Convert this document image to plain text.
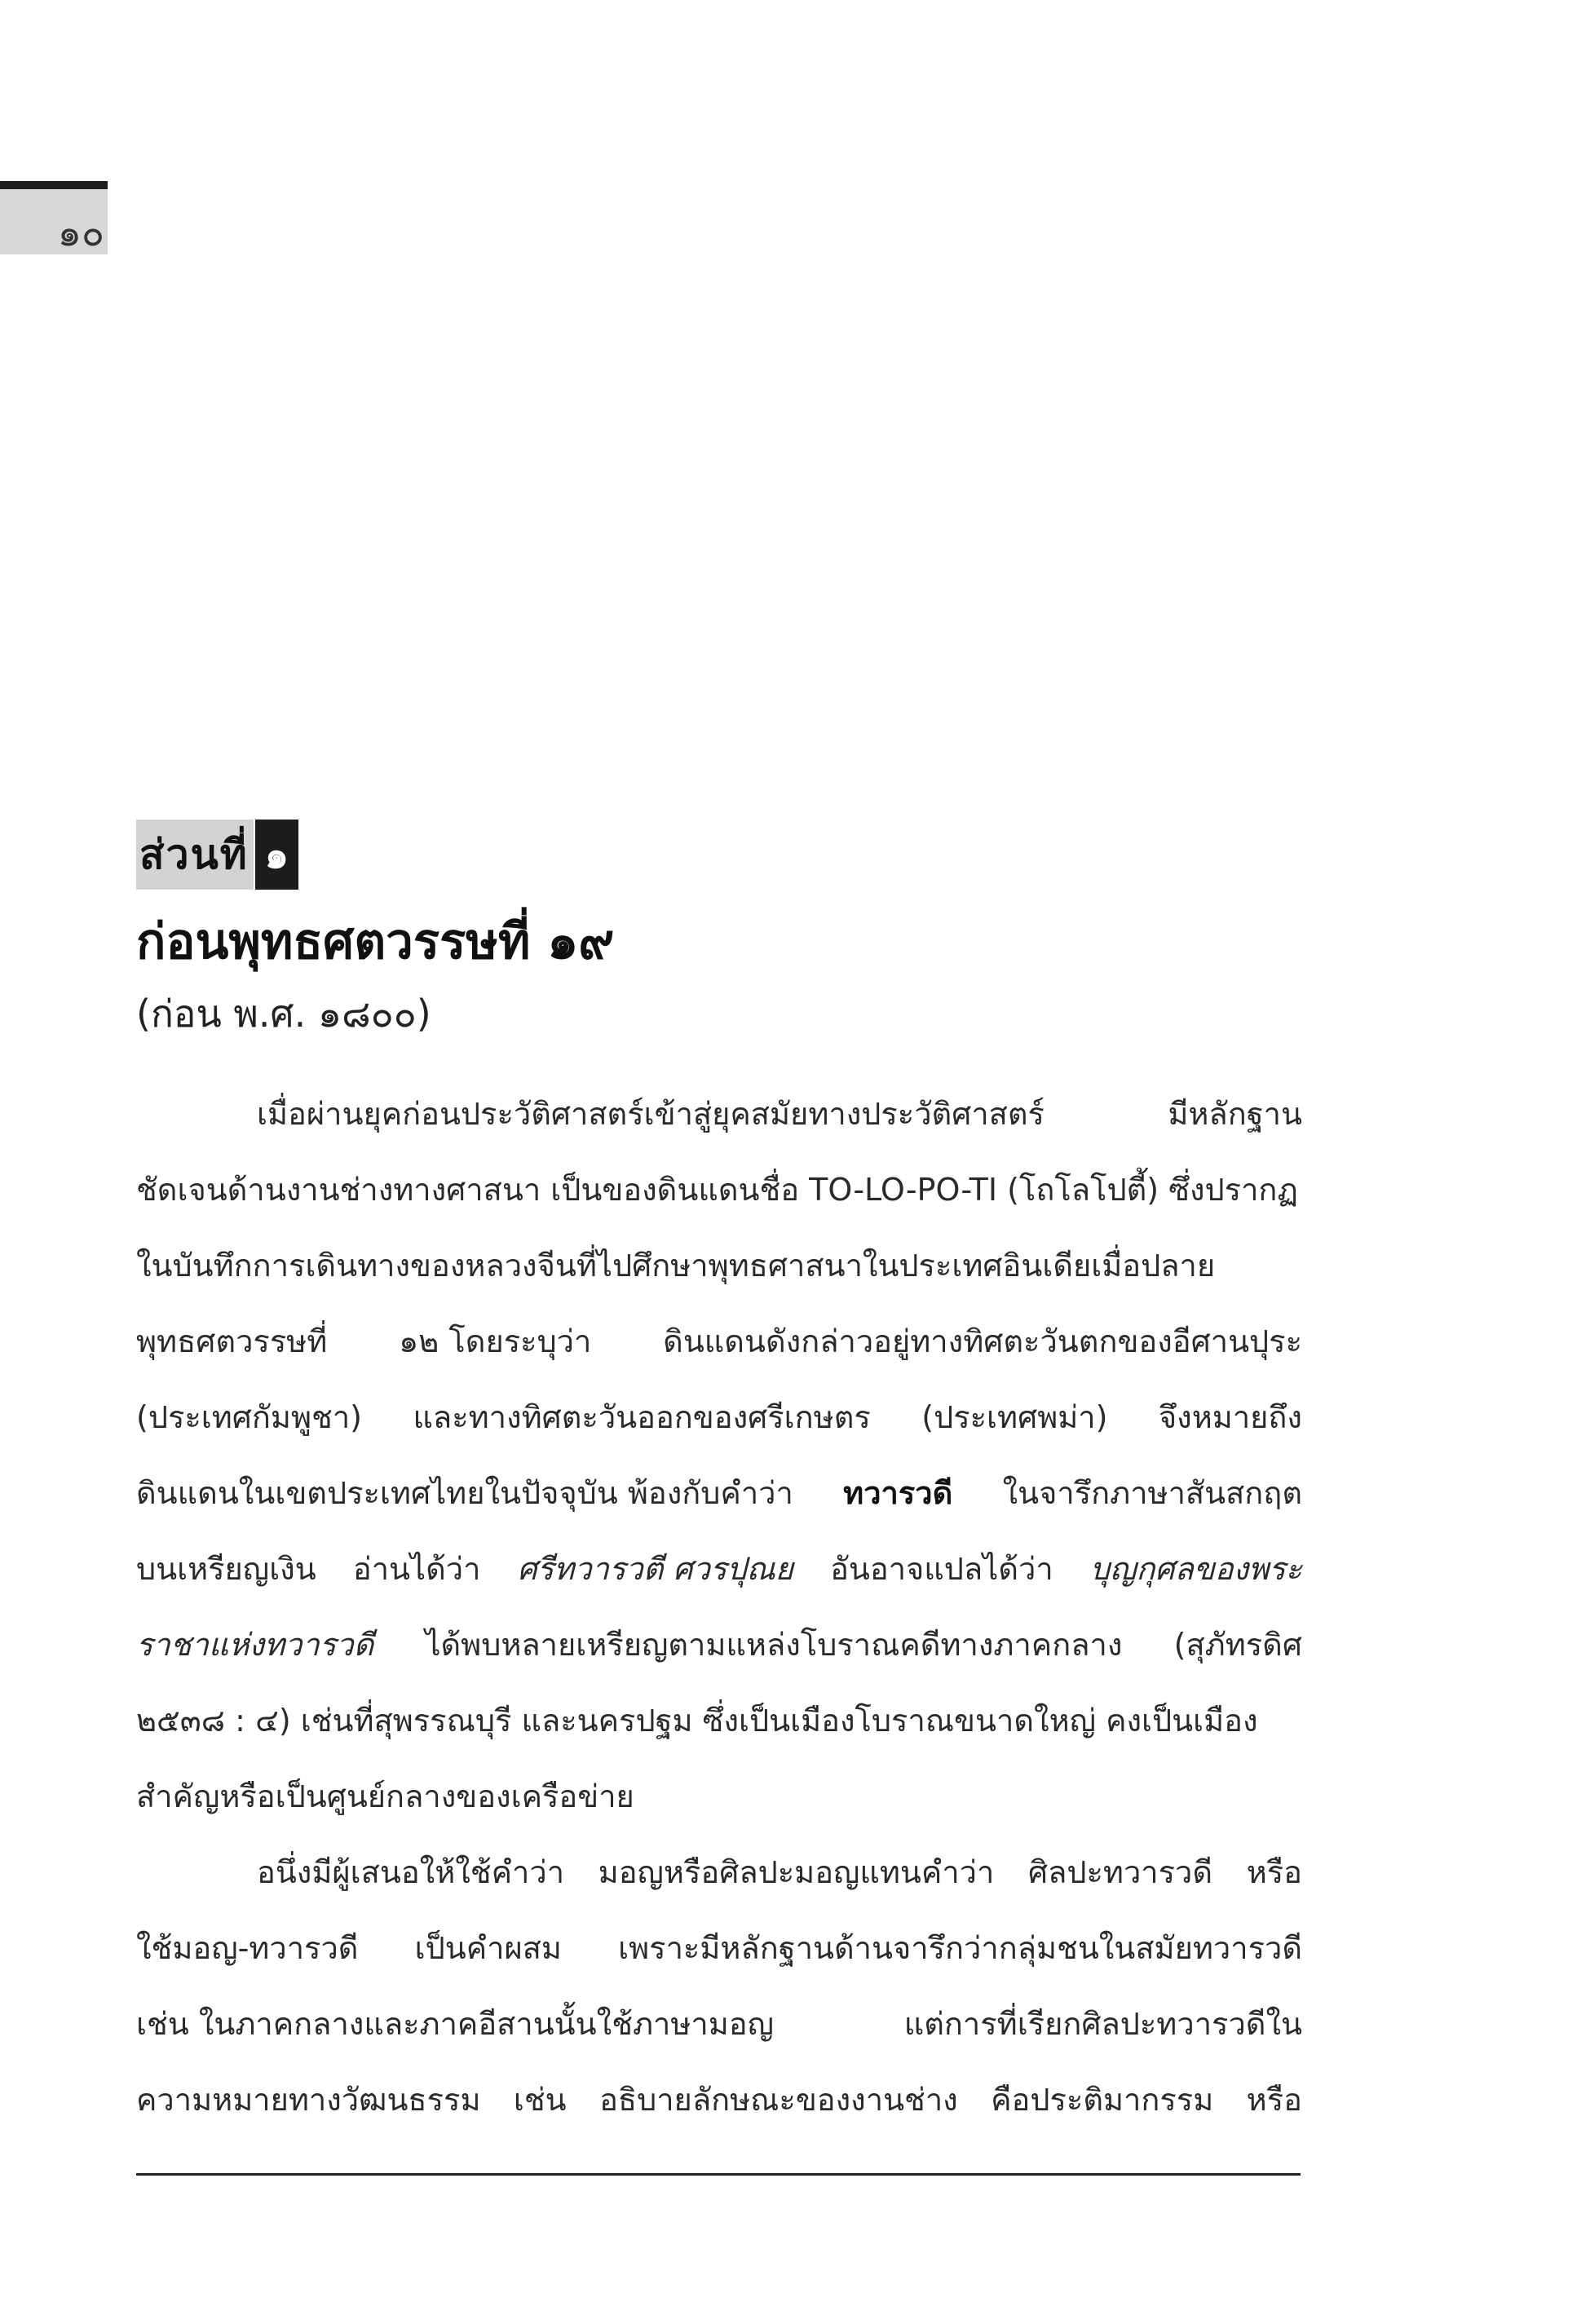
๑๐
ส่วนที่ ๑
ก่อนพุทธศตวรรษที่ ๑๙
(ก่อน พ.ศ. ๑๘๐๐)
เมื่อผ่านยุคก่อนประวัติศาสตร์เข้าสู่ยุคสมัยทางประวัติศาสตร์	มีหลักฐาน
ชัดเจนด้านงานช่างทางศาสนา เป็นของดินแดนชื่อ TO-LO-PO-TI (โถโลโปตี้) ซึ่งปรากฏ
ในบันทึกการเดินทางของหลวงจีนที่ไปศึกษาพุทธศาสนาในประเทศอินเดียเมื่อปลาย
พุทธศตวรรษที่ ๑๒ โดยระบุว่า ดินแดนดังกล่าวอยู่ทางทิศตะวันตกของอีศานปุระ
(ประเทศกัมพูชา) และทางทิศตะวันออกของศรีเกษตร (ประเทศพม่า) จึงหมายถึง
ดินแดนในเขตประเทศไทยในปัจจุบัน พ้องกับคำว่า ทวารวดี ในจารึกภาษาสันสกฤต
บนเหรียญเงิน อ่านได้ว่า ศรีทวารวตี ศวรปุณย อันอาจแปลได้ว่า บุญกุศลของพระ
ราชาแห่งทวารวดี ได้พบหลายเหรียญตามแหล่งโบราณคดีทางภาคกลาง (สุภัทรดิศ
๒๕๓๘ : ๔) เช่นที่สุพรรณบุรี และนครปฐม ซึ่งเป็นเมืองโบราณขนาดใหญ่ คงเป็นเมือง
สำคัญหรือเป็นศูนย์กลางของเครือข่าย
อนึ่งมีผู้เสนอให้ใช้คำว่า มอญหรือศิลปะมอญแทนคำว่า ศิลปะทวารวดี หรือ
ใช้มอญ-ทวารวดี เป็นคำผสม เพราะมีหลักฐานด้านจารึกว่ากลุ่มชนในสมัยทวารวดี
เช่น ในภาคกลางและภาคอีสานนั้นใช้ภาษามอญ	แต่การที่เรียกศิลปะทวารวดีใน
ความหมายทางวัฒนธรรม เช่น อธิบายลักษณะของงานช่าง คือประติมากรรม หรือ
